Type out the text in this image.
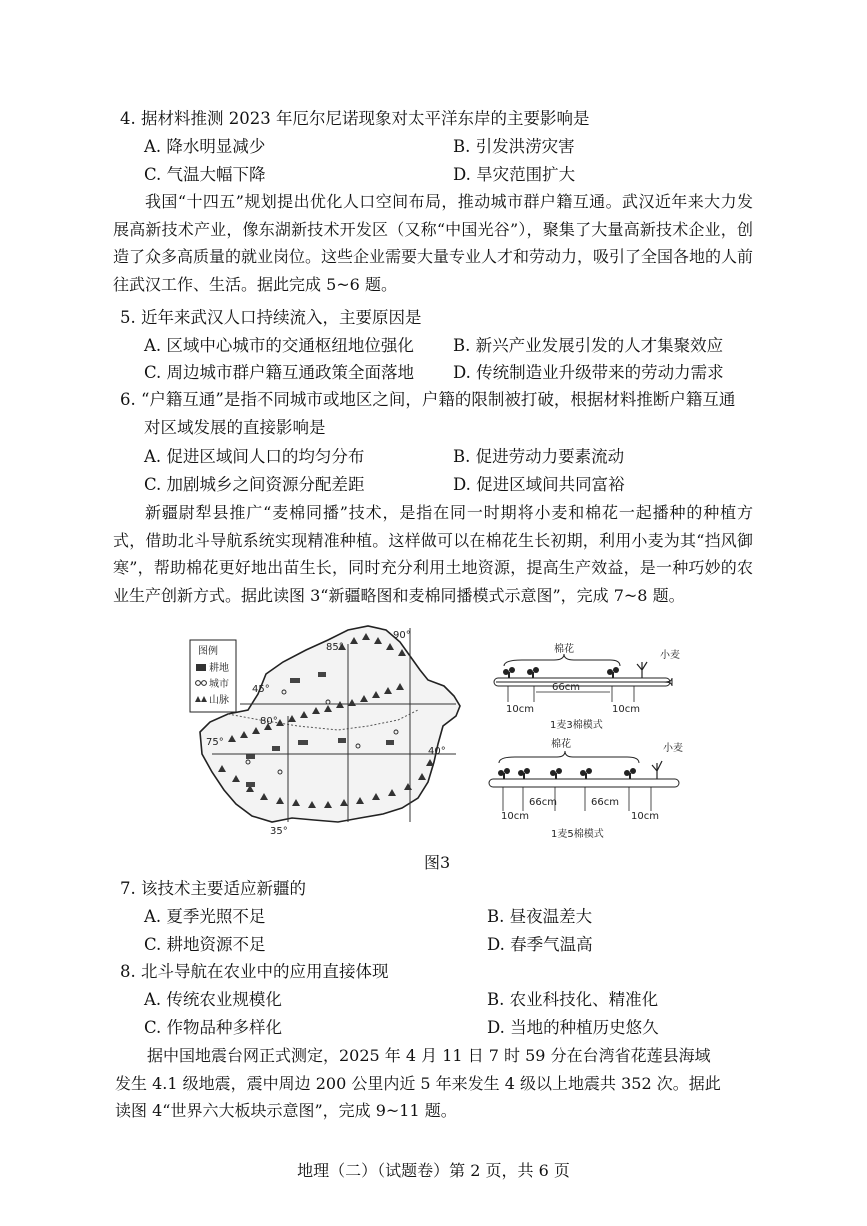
4. 据材料推测 2023 年厄尔尼诺现象对太平洋东岸的主要影响是
A. 降水明显减少	B. 引发洪涝灾害
C. 气温大幅下降	D. 旱灾范围扩大
我国“十四五”规划提出优化人口空间布局，推动城市群户籍互通。武汉近年来大力发展高新技术产业，像东湖新技术开发区（又称“中国光谷”），聚集了大量高新技术企业，创造了众多高质量的就业岗位。这些企业需要大量专业人才和劳动力，吸引了全国各地的人前往武汉工作、生活。据此完成 5~6 题。
5. 近年来武汉人口持续流入，主要原因是
A. 区域中心城市的交通枢纽地位强化 B. 新兴产业发展引发的人才集聚效应
C. 周边城市群户籍互通政策全面落地 D. 传统制造业升级带来的劳动力需求
6. “户籍互通”是指不同城市或地区之间，户籍的限制被打破，根据材料推断户籍互通
对区域发展的直接影响是
A. 促进区域间人口的均匀分布	B. 促进劳动力要素流动
C. 加剧城乡之间资源分配差距	D. 促进区域间共同富裕
新疆尉犁县推广“麦棉同播”技术，是指在同一时期将小麦和棉花一起播种的种植方式，借助北斗导航系统实现精准种植。这样做可以在棉花生长初期，利用小麦为其“挡风御寒”，帮助棉花更好地出苗生长，同时充分利用土地资源，提高生产效益，是一种巧妙的农业生产创新方式。据此读图 3“新疆略图和麦棉同播模式示意图”，完成 7~8 题。
图例
耕地
城市
山脉
85°
90°
80°
75°
45°
40°
35°
棉花
小麦
10cm
66cm
10cm
1麦3棉模式
棉花	小麦
10cm
66cm	66cm
10cm
1麦5棉模式
图3
7. 该技术主要适应新疆的
A. 夏季光照不足	B. 昼夜温差大
C. 耕地资源不足	D. 春季气温高
8. 北斗导航在农业中的应用直接体现
A. 传统农业规模化	B. 农业科技化、精准化
C. 作物品种多样化	D. 当地的种植历史悠久
据中国地震台网正式测定，2025 年 4 月 11 日 7 时 59 分在台湾省花莲县海域发生 4.1 级地震，震中周边 200 公里内近 5 年来发生 4 级以上地震共 352 次。据此读图 4“世界六大板块示意图”，完成 9~11 题。
地理（二）（试题卷）第 2 页，共 6 页
